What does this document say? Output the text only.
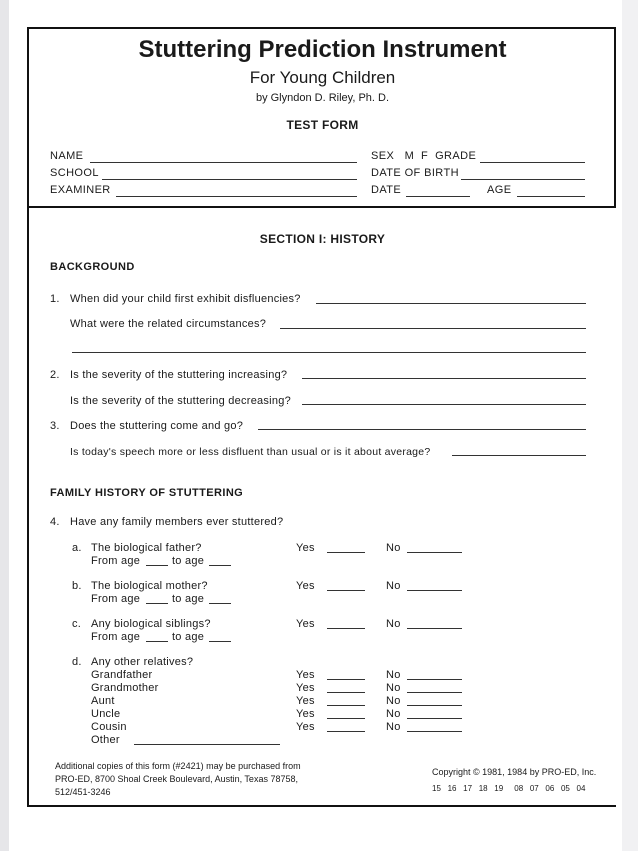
Stuttering Prediction Instrument
For Young Children
by Glyndon D. Riley, Ph. D.
TEST FORM
NAME
SCHOOL
EXAMINER
SEX   M  F  GRADE
DATE OF BIRTH
DATE	AGE
SECTION I: HISTORY
BACKGROUND
1. When did your child first exhibit disfluencies?
What were the related circumstances?
2. Is the severity of the stuttering increasing?
Is the severity of the stuttering decreasing?
3. Does the stuttering come and go?
Is today's speech more or less disfluent than usual or is it about average?
FAMILY HISTORY OF STUTTERING
4. Have any family members ever stuttered?
a. The biological father?	Yes	No
From age	to age
b. The biological mother?	Yes	No
From age	to age
c. Any biological siblings?	Yes	No
From age	to age
d. Any other relatives?
Grandfather	Yes	No
Grandmother	Yes	No
Aunt	Yes	No
Uncle	Yes	No
Cousin	Yes	No
Other
Additional copies of this form (#2421) may be purchased from
PRO-ED, 8700 Shoal Creek Boulevard, Austin, Texas 78758,
512/451-3246
Copyright © 1981, 1984 by PRO-ED, Inc.
15   16   17   18   19     08   07   06   05   04
